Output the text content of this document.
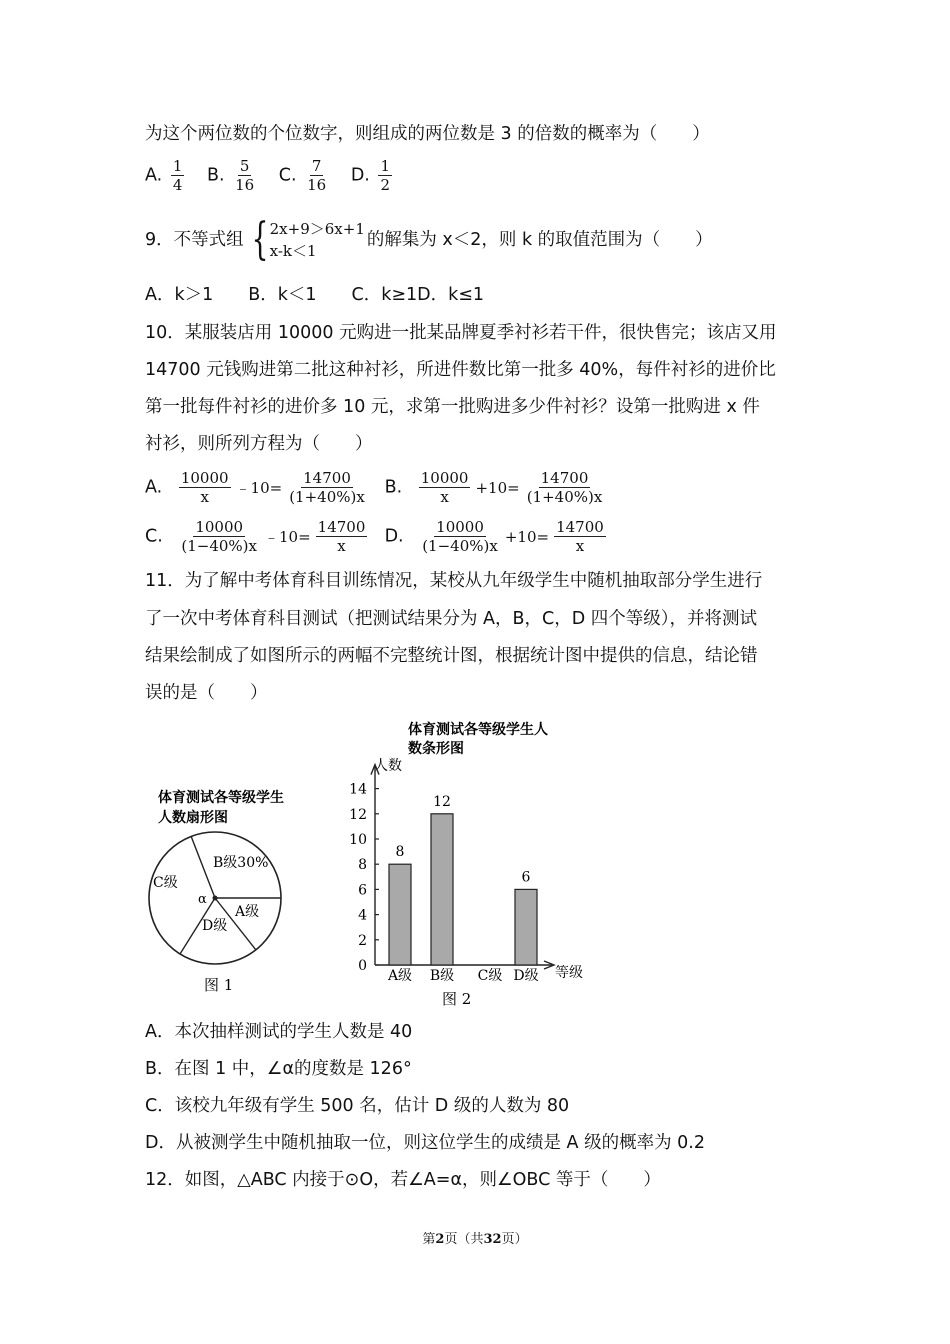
为这个两位数的个位数字，则组成的两位数是 3 的倍数的概率为（　　）
A. $\frac{1}{4} B$. $\frac{5}{16} C$. $\frac{7}{16} D$. $\frac{1}{2}$
9．不等式组 { 2x+9＞6x+1
x-k＜1
的解集为 x＜2，则 k 的取值范围为（　　）
A．k＞1　　B．k＜1　　C．k≥1D．k≤1
10．某服装店用 10000 元购进一批某品牌夏季衬衫若干件，很快售完；该店又用
14700 元钱购进第二批这种衬衫，所进件数比第一批多 40%，每件衬衫的进价比
第一批每件衬衫的进价多 10 元，求第一批购进多少件衬衫？设第一批购进 x 件
衬衫，则所列方程为（　　）
A. $\frac{10000}{x}$ ﹣10= $\frac{14700}{(1+40\%)x} B$. $\frac{10000}{x} +10= \frac{14700}{(1+40\%)x}$
C. $\frac{10000}{(1-40\%)x}$ ﹣10= $\frac{14700}{x} D$. $\frac{10000}{(1-40\%)x} +10= \frac{14700}{x}$
11．为了解中考体育科目训练情况，某校从九年级学生中随机抽取部分学生进行
了一次中考体育科目测试（把测试结果分为 A，B，C，D 四个等级），并将测试
结果绘制成了如图所示的两幅不完整统计图，根据统计图中提供的信息，结论错
误的是（　　）
体育测试各等级学生
人数扇形图
B级30%
C级
A级
D级
α
图 1
体育测试各等级学生人
数条形图
人数
等级
图 2
0
2
4
6
8
10
12
14
8
A级
12
B级 C级
6
D级
A．本次抽样测试的学生人数是 40
B．在图 1 中，∠α的度数是 126°
C．该校九年级有学生 500 名，估计 D 级的人数为 80
D．从被测学生中随机抽取一位，则这位学生的成绩是 A 级的概率为 0.2
12．如图，△ABC 内接于⊙O，若∠A=α，则∠OBC 等于（　　）
第2页（共32页）
